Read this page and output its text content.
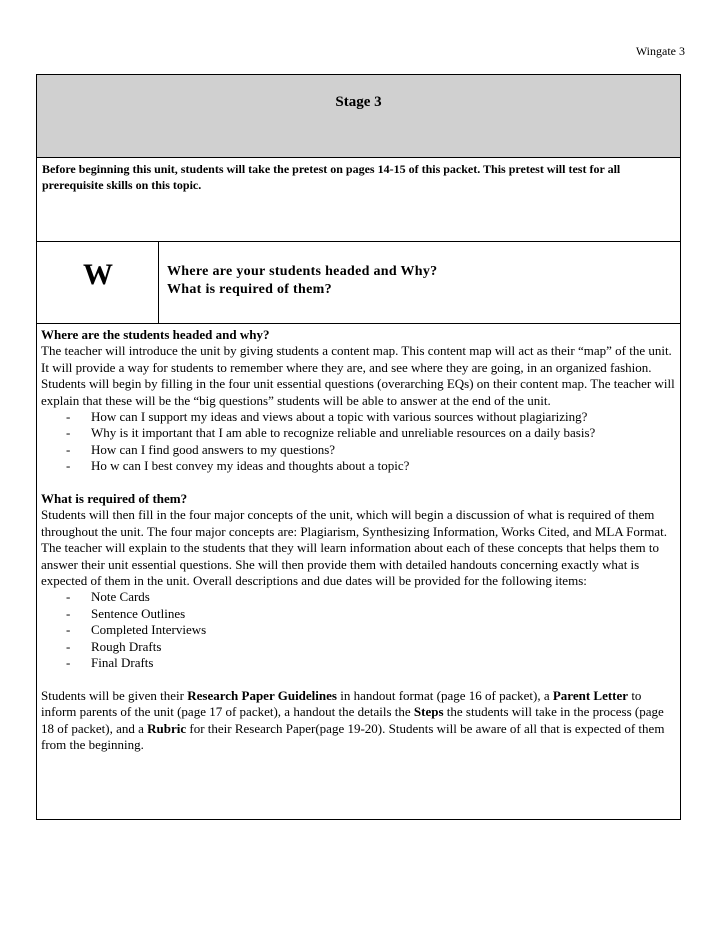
Wingate 3
Stage 3
Before beginning this unit, students will take the pretest on pages 14-15 of this packet. This pretest will test for all prerequisite skills on this topic.
W	Where are your students headed and Why?
What is required of them?

Where are the students headed and why?

The teacher will introduce the unit by giving students a content map. This content map will act as their “map” of the unit. It will provide a way for students to remember where they are, and see where they are going, in an organized fashion. Students will begin by filling in the four unit essential questions (overarching EQs) on their content map. The teacher will explain that these will be the “big questions” students will be able to answer at the end of the unit.

- How can I support my ideas and views about a topic with various sources without plagiarizing?
- Why is it important that I am able to recognize reliable and unreliable resources on a daily basis?
- How can I find good answers to my questions?
- Ho w can I best convey my ideas and thoughts about a topic?

What is required of them?

Students will then fill in the four major concepts of the unit, which will begin a discussion of what is required of them throughout the unit. The four major concepts are: Plagiarism, Synthesizing Information, Works Cited, and MLA Format. The teacher will explain to the students that they will learn information about each of these concepts that helps them to answer their unit essential questions. She will then provide them with detailed handouts concerning exactly what is expected of them in the unit. Overall descriptions and due dates will be provided for the following items:

- Note Cards
- Sentence Outlines
- Completed Interviews
- Rough Drafts
- Final Drafts

Students will be given their Research Paper Guidelines in handout format (page 16 of packet), a Parent Letter to inform parents of the unit (page 17 of packet), a handout the details the Steps the students will take in the process (page 18 of packet), and a Rubric for their Research Paper(page 19-20). Students will be aware of all that is expected of them from the beginning.
